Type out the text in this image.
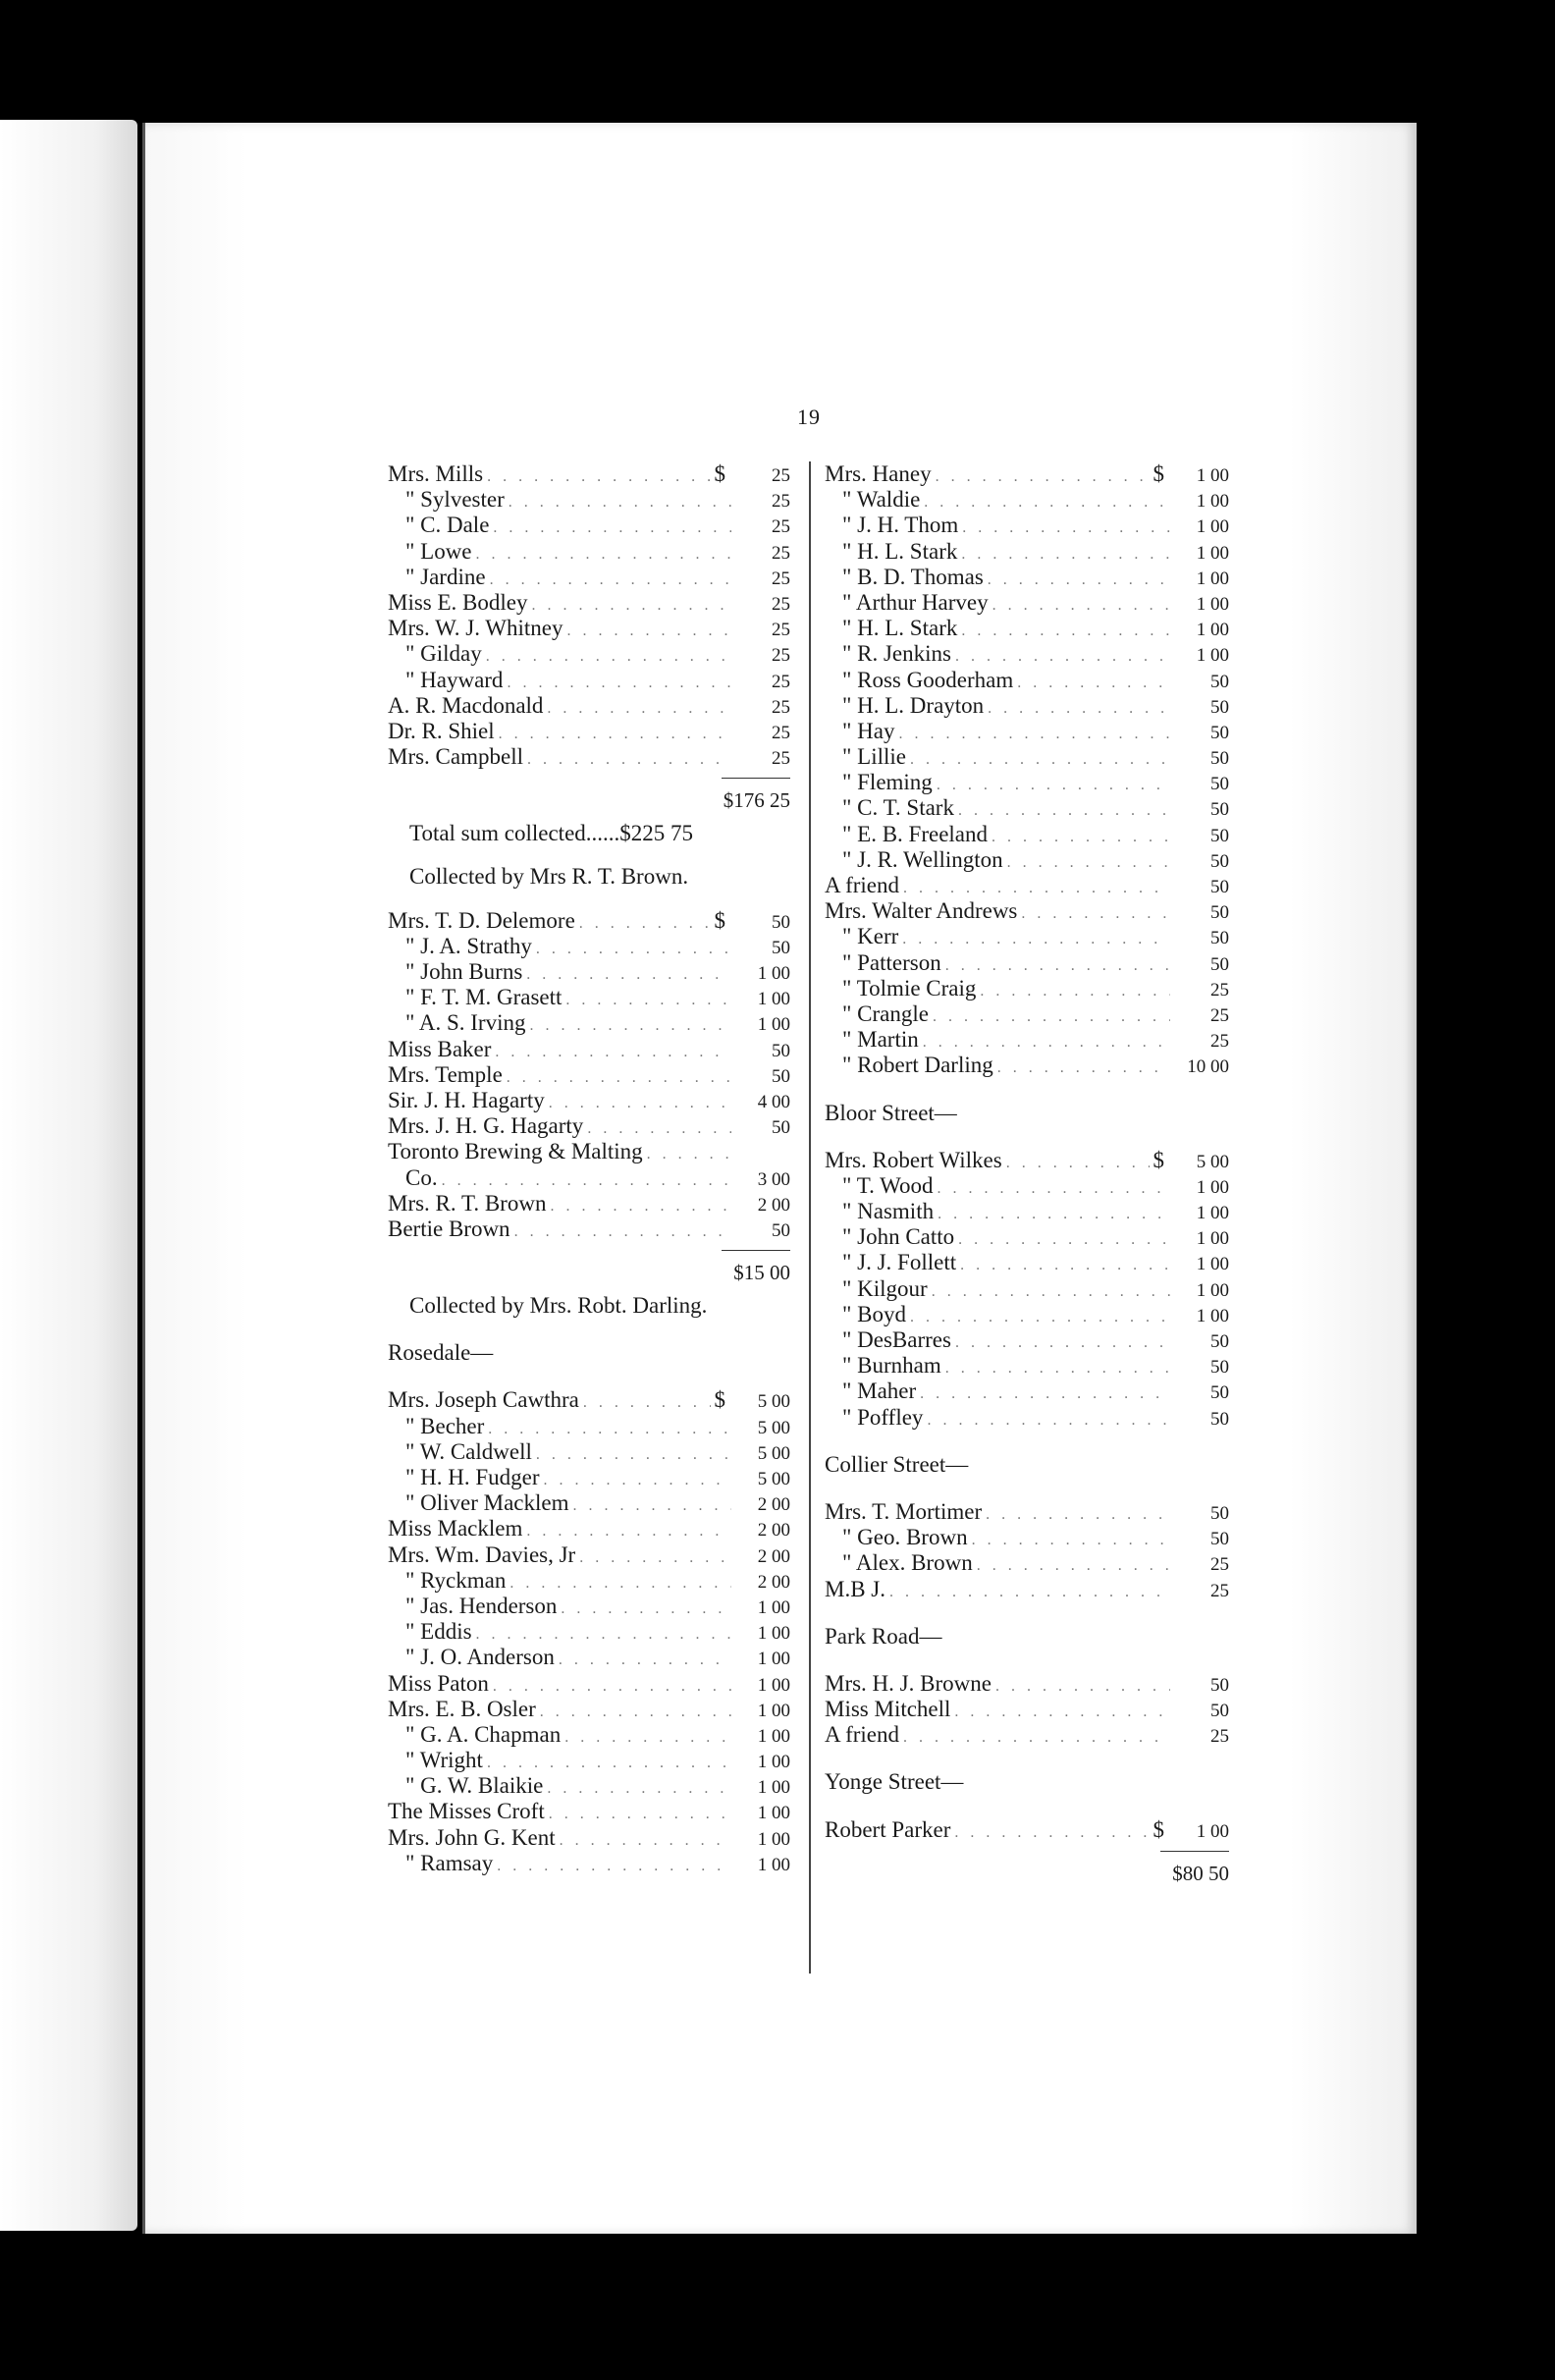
19
Mrs. Mills . . .	$	25
" Sylvester . . .	25
" C. Dale . . .	25
" Lowe . . .	25
" Jardine . . .	25
Miss E. Bodley . . .	25
Mrs. W. J. Whitney . . .	25
" Gilday . . .	25
" Hayward . . .	25
A. R. Macdonald . . .	25
Dr. R. Shiel . . .	25
Mrs. Campbell . . .	25
$176 25
Total sum collected......$225 75
Collected by Mrs R. T. Brown.
Mrs. T. D. Delemore . . .	$	50
" J. A. Strathy . . .	50
" John Burns . . .	1 00
" F. T. M. Grasett . . .	1 00
" A. S. Irving . . .	1 00
Miss Baker . . .	50
Mrs. Temple . . .	50
Sir. J. H. Hagarty . . .	4 00
Mrs. J. H. G. Hagarty . . .	50
Toronto Brewing & Malting
. . .
Co. . . .	3 00
Mrs. R. T. Brown . . .	2 00
Bertie Brown . . .	50
$15 00
Collected by Mrs. Robt. Darling.
Rosedale—
Mrs. Joseph Cawthra . . .	$	5 00
" Becher . . .	5 00
" W. Caldwell . . .	5 00
" H. H. Fudger . . .	5 00
" Oliver Macklem . . .	2 00
Miss Macklem . . .	2 00
Mrs. Wm. Davies, Jr . . .	2 00
" Ryckman . . .	2 00
" Jas. Henderson . . .	1 00
" Eddis . . .	1 00
" J. O. Anderson . . .	1 00
Miss Paton . . .	1 00
Mrs. E. B. Osler . . .	1 00
" G. A. Chapman . . .	1 00
" Wright . . .	1 00
" G. W. Blaikie . . .	1 00
The Misses Croft . . .	1 00
Mrs. John G. Kent . . .	1 00
" Ramsay . . .	1 00
Mrs. Haney . . .	$	1 00
" Waldie . . .	1 00
" J. H. Thom . . .	1 00
" H. L. Stark . . .	1 00
" B. D. Thomas . . .	1 00
" Arthur Harvey . . .	1 00
" H. L. Stark . . .	1 00
" R. Jenkins . . .	1 00
" Ross Gooderham . . .	50
" H. L. Drayton . . .	50
" Hay . . .	50
" Lillie . . .	50
" Fleming . . .	50
" C. T. Stark . . .	50
" E. B. Freeland . . .	50
" J. R. Wellington . . .	50
A friend . . .	50
Mrs. Walter Andrews . . .	50
" Kerr . . .	50
" Patterson . . .	50
" Tolmie Craig . . .	25
" Crangle . . .	25
" Martin . . .	25
" Robert Darling . . .	10 00
Bloor Street—
Mrs. Robert Wilkes . . .	$	5 00
" T. Wood . . .	1 00
" Nasmith . . .	1 00
" John Catto . . .	1 00
" J. J. Follett . . .	1 00
" Kilgour . . .	1 00
" Boyd . . .	1 00
" DesBarres . . .	50
" Burnham . . .	50
" Maher . . .	50
" Poffley . . .	50
Collier Street—
Mrs. T. Mortimer . . .	50
" Geo. Brown . . .	50
" Alex. Brown . . .	25
M.B J. . . .	25
Park Road—
Mrs. H. J. Browne . . .	50
Miss Mitchell . . .	50
A friend . . .	25
Yonge Street—
Robert Parker . . .	$	1 00
$80 50
